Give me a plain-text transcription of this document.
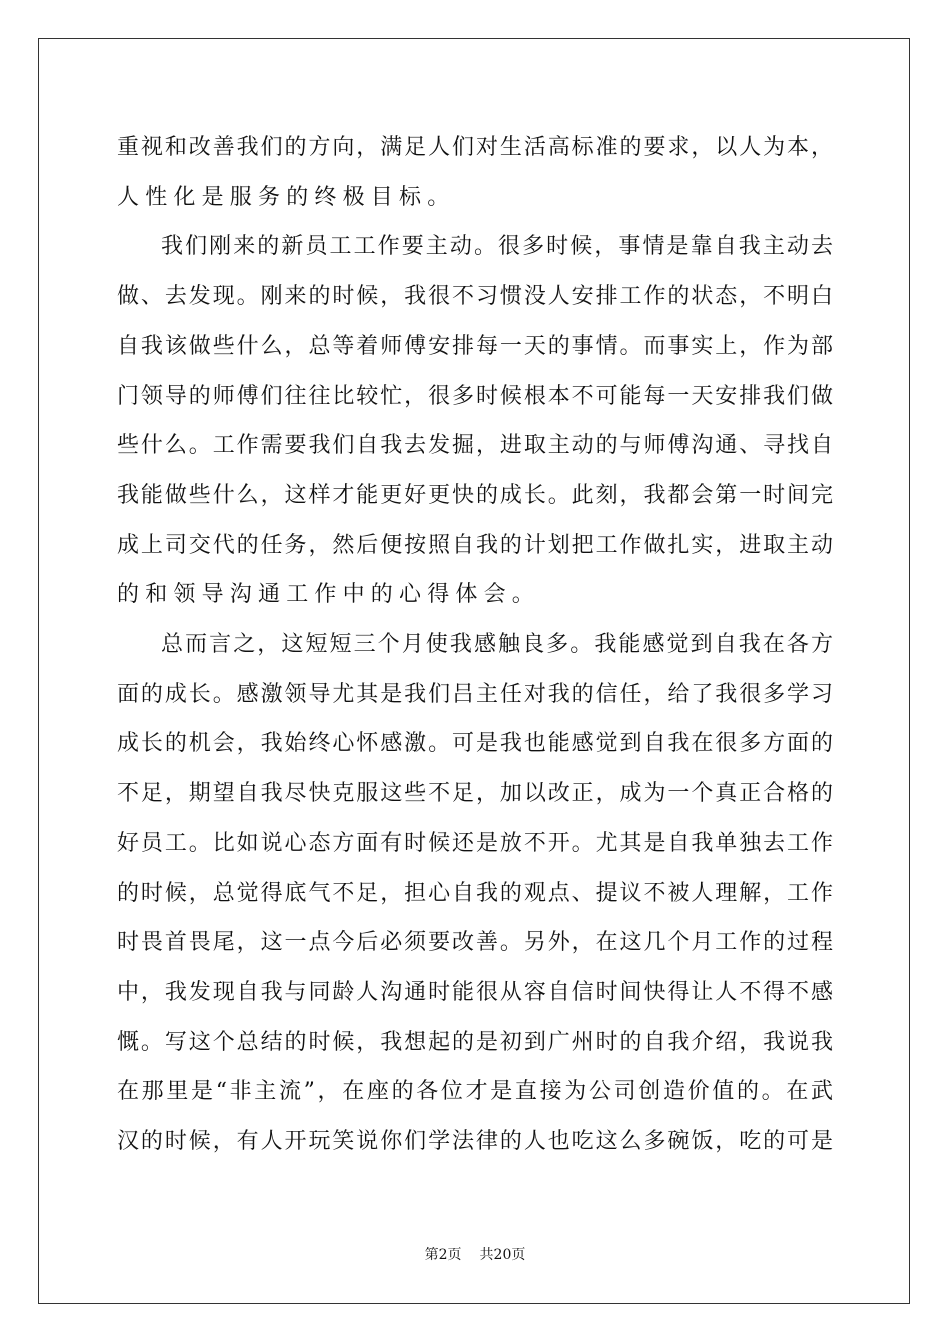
重视和改善我们的方向，满足人们对生活高标准的要求，以人为本，
人性化是服务的终极目标。
我们刚来的新员工工作要主动。很多时候，事情是靠自我主动去
做、去发现。刚来的时候，我很不习惯没人安排工作的状态，不明白
自我该做些什么，总等着师傅安排每一天的事情。而事实上，作为部
门领导的师傅们往往比较忙，很多时候根本不可能每一天安排我们做
些什么。工作需要我们自我去发掘，进取主动的与师傅沟通、寻找自
我能做些什么，这样才能更好更快的成长。此刻，我都会第一时间完
成上司交代的任务，然后便按照自我的计划把工作做扎实，进取主动
的和领导沟通工作中的心得体会。
总而言之，这短短三个月使我感触良多。我能感觉到自我在各方
面的成长。感激领导尤其是我们吕主任对我的信任，给了我很多学习
成长的机会，我始终心怀感激。可是我也能感觉到自我在很多方面的
不足，期望自我尽快克服这些不足，加以改正，成为一个真正合格的
好员工。比如说心态方面有时候还是放不开。尤其是自我单独去工作
的时候，总觉得底气不足，担心自我的观点、提议不被人理解，工作
时畏首畏尾，这一点今后必须要改善。另外，在这几个月工作的过程
中，我发现自我与同龄人沟通时能很从容自信时间快得让人不得不感
慨。写这个总结的时候，我想起的是初到广州时的自我介绍，我说我
在那里是“非主流”，在座的各位才是直接为公司创造价值的。在武
汉的时候，有人开玩笑说你们学法律的人也吃这么多碗饭，吃的可是
第2页 共20页
